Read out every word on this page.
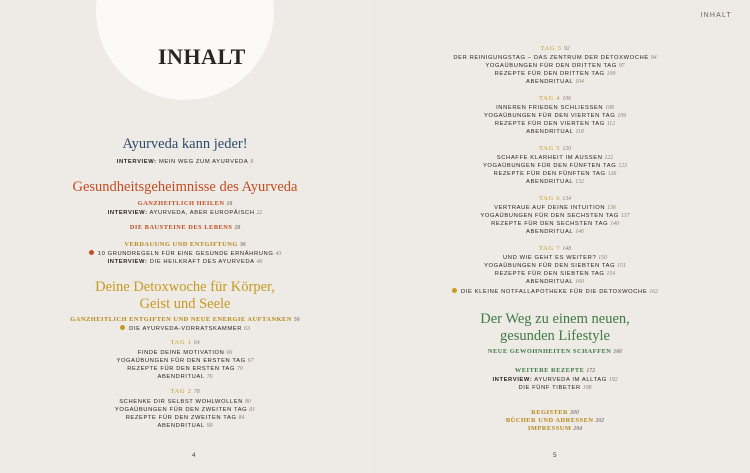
INHALT
INHALT
Ayurveda kann jeder!
INTERVIEW: MEIN WEG ZUM AYURVEDA 8
Gesundheitsgeheimnisse des Ayurveda
GANZHEITLICH HEILEN 18
INTERVIEW: AYURVEDA, ABER EUROPÄISCH 22
DIE BAUSTEINE DES LEBENS 28
VERDAUUNG UND ENTGIFTUNG 36
10 GRUNDREGELN FÜR EINE GESUNDE ERNÄHRUNG 43
INTERVIEW: DIE HEILKRAFT DES AYURVEDA 46
Deine Detoxwoche für Körper,
Geist und Seele
GANZHEITLICH ENTGIFTEN UND NEUE ENERGIE AUFTANKEN 56
DIE AYURVEDA-VORRATSKAMMER 63
TAG 1 64
FINDE DEINE MOTIVATION 66
YOGAÜBUNGEN FÜR DEN ERSTEN TAG 67
REZEPTE FÜR DEN ERSTEN TAG 70
ABENDRITUAL 76
TAG 2 78
SCHENKE DIR SELBST WOHLWOLLEN 80
YOGAÜBUNGEN FÜR DEN ZWEITEN TAG 81
REZEPTE FÜR DEN ZWEITEN TAG 84
ABENDRITUAL 90
TAG 3 92
DER REINIGUNGSTAG – DAS ZENTRUM DER DETOXWOCHE 94
YOGAÜBUNGEN FÜR DEN DRITTEN TAG 97
REZEPTE FÜR DEN DRITTEN TAG 100
ABENDRITUAL 104
TAG 4 106
INNEREN FRIEDEN SCHLIESSEN 108
YOGAÜBUNGEN FÜR DEN VIERTEN TAG 109
REZEPTE FÜR DEN VIERTEN TAG 112
ABENDRITUAL 118
TAG 5 120
SCHAFFE KLARHEIT IM AUSSEN 122
YOGAÜBUNGEN FÜR DEN FÜNFTEN TAG 123
REZEPTE FÜR DEN FÜNFTEN TAG 126
ABENDRITUAL 132
TAG 6 134
VERTRAUE AUF DEINE INTUITION 136
YOGAÜBUNGEN FÜR DEN SECHSTEN TAG 137
REZEPTE FÜR DEN SECHSTEN TAG 140
ABENDRITUAL 146
TAG 7 148
UND WIE GEHT ES WEITER? 150
YOGAÜBUNGEN FÜR DEN SIEBTEN TAG 151
REZEPTE FÜR DEN SIEBTEN TAG 154
ABENDRITUAL 160
DIE KLEINE NOTFALLAPOTHEKE FÜR DIE DETOXWOCHE 162
Der Weg zu einem neuen,
gesunden Lifestyle
NEUE GEWOHNHEITEN SCHAFFEN 166
WEITERE REZEPTE 172
INTERVIEW: AYURVEDA IM ALLTAG 192
DIE FÜNF TIBETER 198
REGISTER 200
BÜCHER UND ADRESSEN 202
IMPRESSUM 204
4	5
